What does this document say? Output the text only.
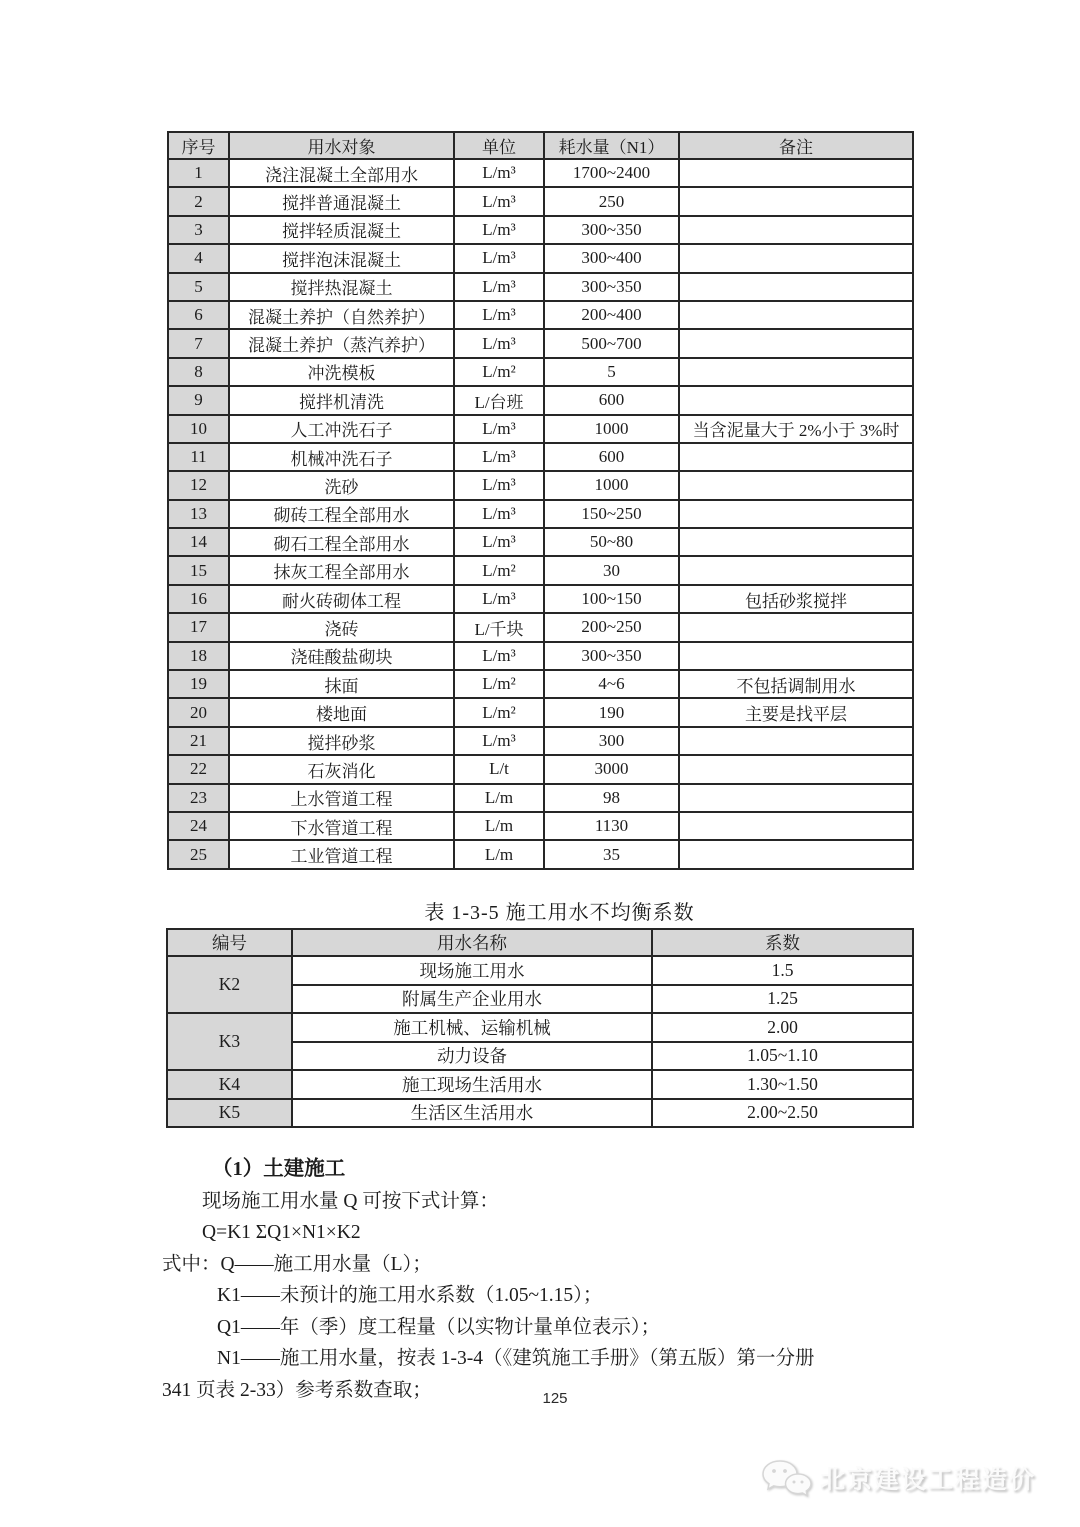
序号	用水对象	单位	耗水量（N1）	备注
1	浇注混凝土全部用水	L/m³	1700~2400	
2	搅拌普通混凝土	L/m³	250	
3	搅拌轻质混凝土	L/m³	300~350	
4	搅拌泡沫混凝土	L/m³	300~400	
5	搅拌热混凝土	L/m³	300~350	
6	混凝土养护（自然养护）	L/m³	200~400	
7	混凝土养护（蒸汽养护）	L/m³	500~700	
8	冲洗模板	L/m²	5	
9	搅拌机清洗	L/台班	600	
10	人工冲洗石子	L/m³	1000	当含泥量大于 2%小于 3%时
11	机械冲洗石子	L/m³	600	
12	洗砂	L/m³	1000	
13	砌砖工程全部用水	L/m³	150~250	
14	砌石工程全部用水	L/m³	50~80	
15	抹灰工程全部用水	L/m²	30	
16	耐火砖砌体工程	L/m³	100~150	包括砂浆搅拌
17	浇砖	L/千块	200~250	
18	浇硅酸盐砌块	L/m³	300~350	
19	抹面	L/m²	4~6	不包括调制用水
20	楼地面	L/m²	190	主要是找平层
21	搅拌砂浆	L/m³	300	
22	石灰消化	L/t	3000	
23	上水管道工程	L/m	98	
24	下水管道工程	L/m	1130	
25	工业管道工程	L/m	35	
表 1-3-5 施工用水不均衡系数
编号	用水名称	系数
K2	现场施工用水	1.5
	附属生产企业用水	1.25
K3	施工机械、运输机械	2.00
	动力设备	1.05~1.10
K4	施工现场生活用水	1.30~1.50
K5	生活区生活用水	2.00~2.50

（1）土建施工

现场施工用水量 Q 可按下式计算：

Q=K1 ΣQ1×N1×K2

式中：Q——施工用水量（L）；

K1——未预计的施工用水系数（1.05~1.15）；

Q1——年（季）度工程量（以实物计量单位表示）；

N1——施工用水量，按表 1-3-4（《建筑施工手册》（第五版）第一分册

341 页表 2-33）参考系数查取；	125
北京建设工程造价
